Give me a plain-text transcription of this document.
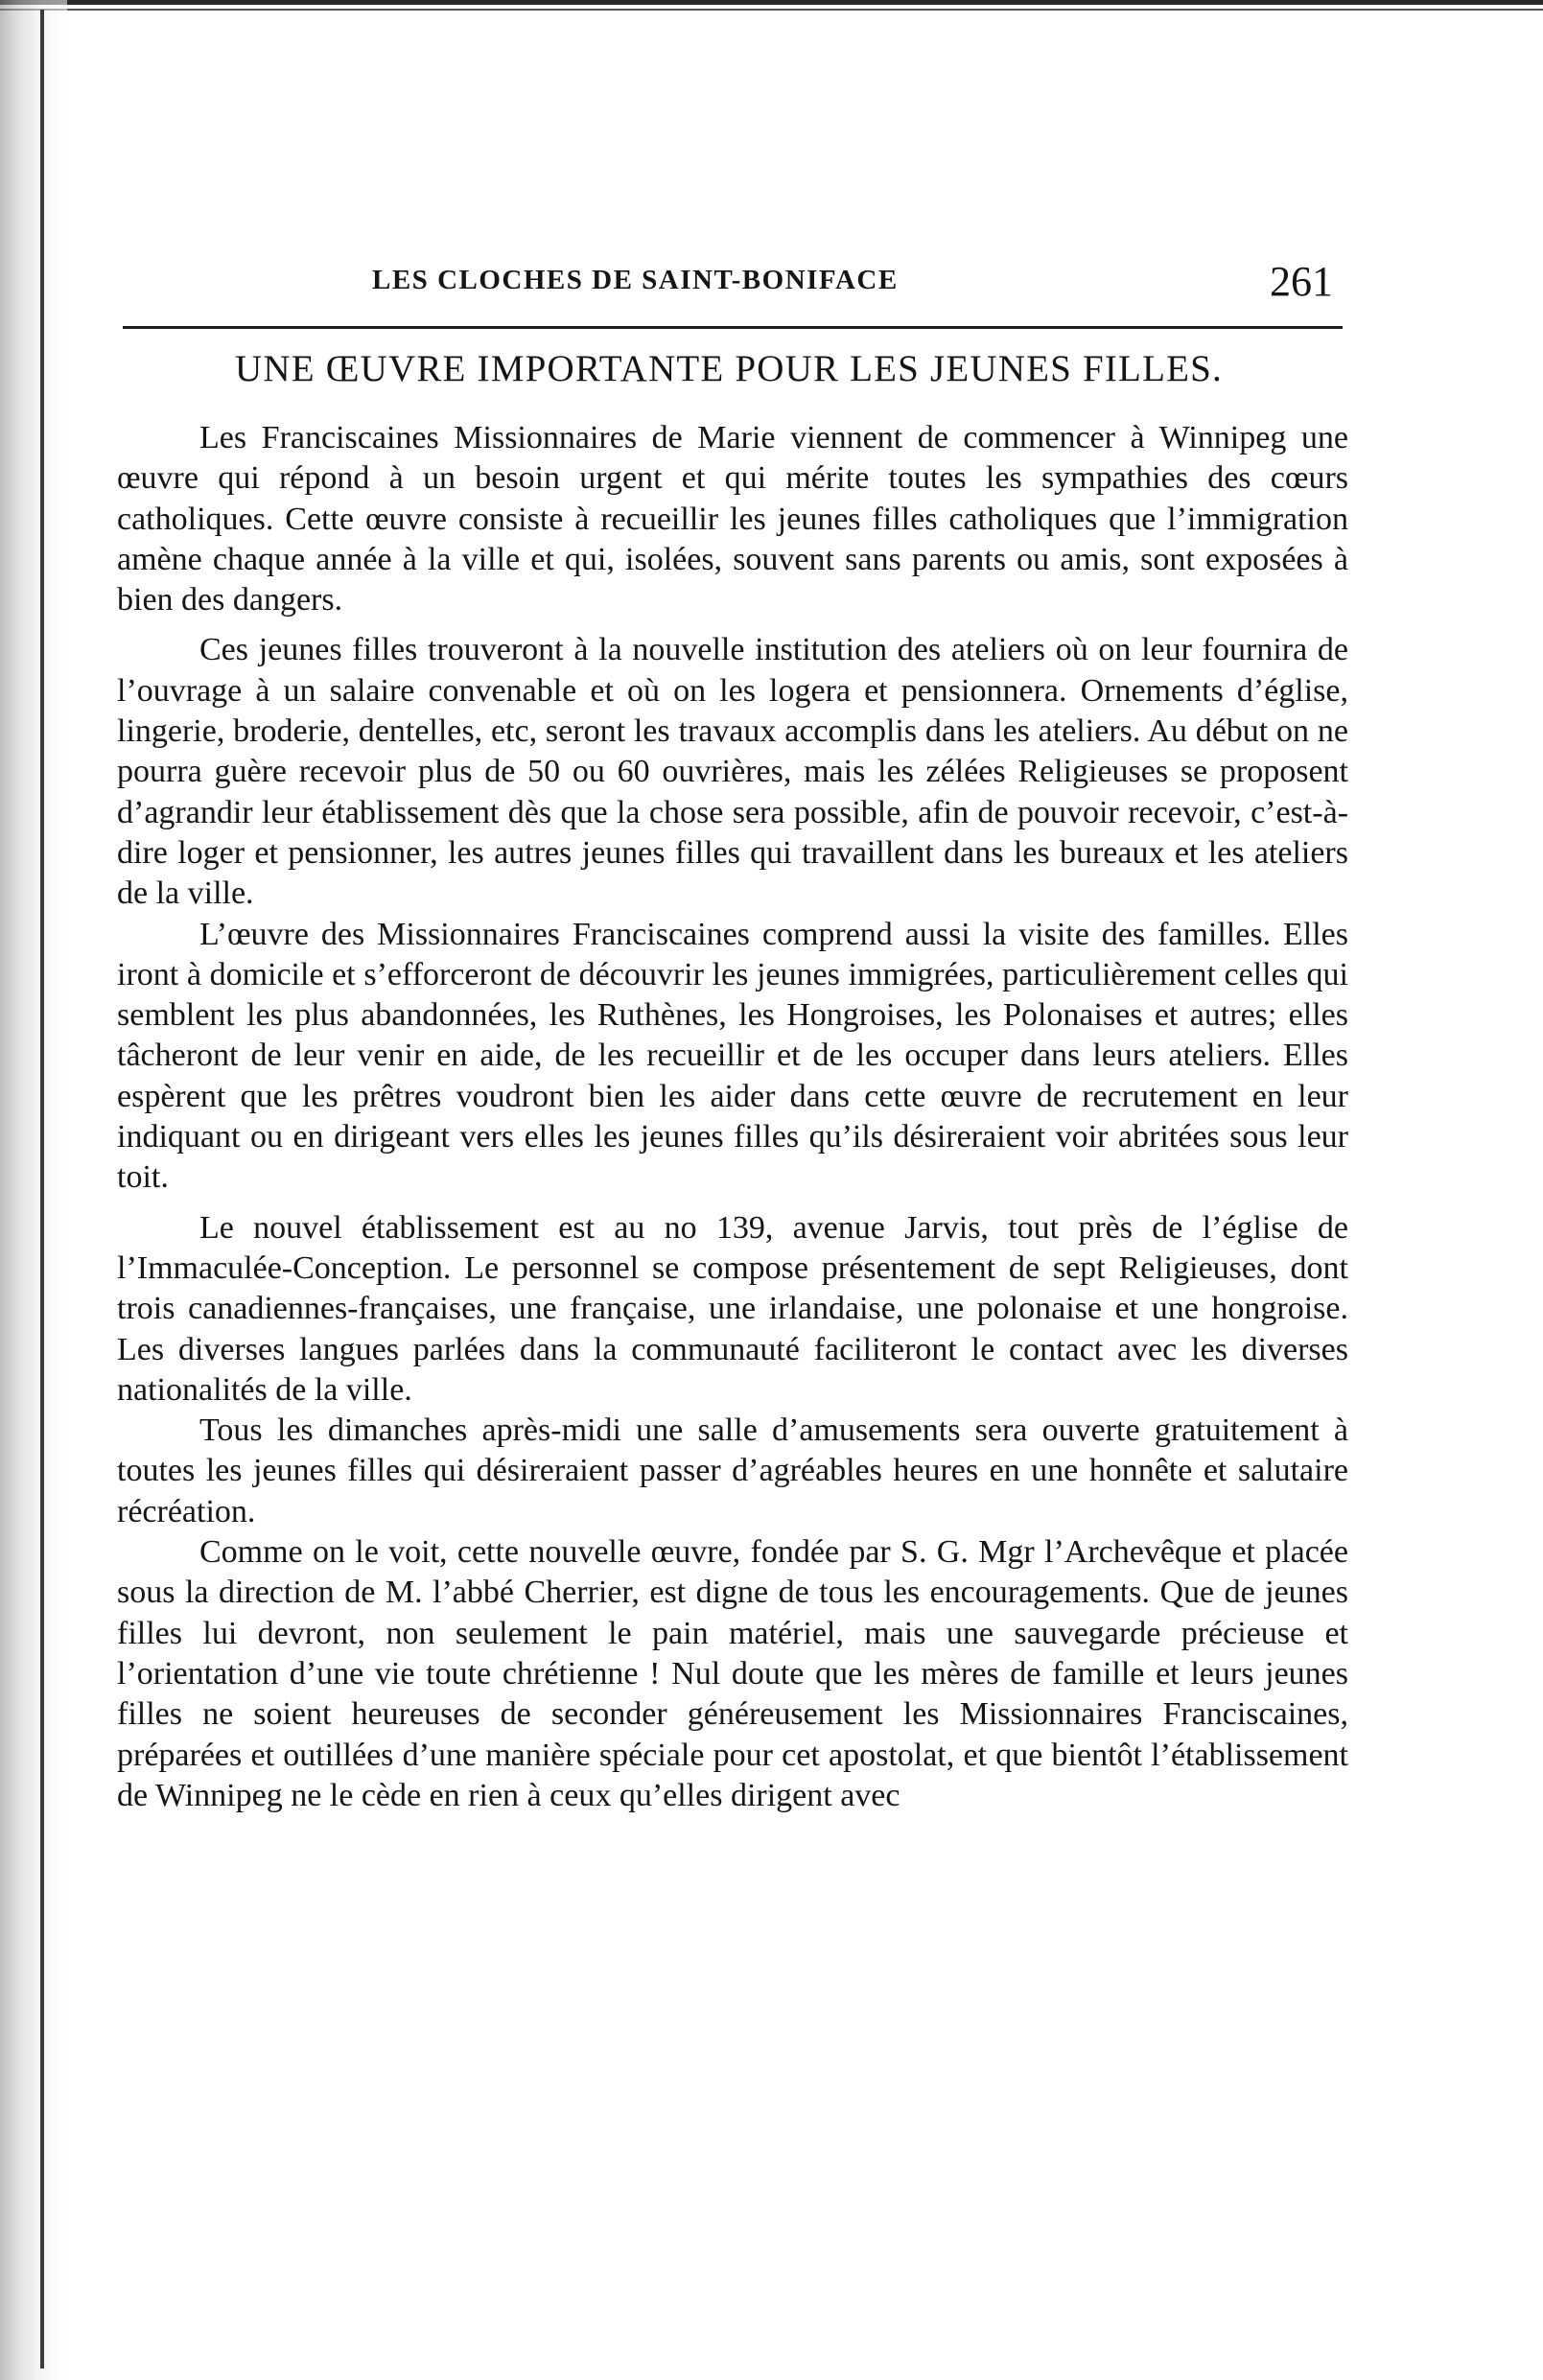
LES CLOCHES DE SAINT-BONIFACE	261
UNE ŒUVRE IMPORTANTE POUR LES JEUNES FILLES.

Les Franciscaines Missionnaires de Marie viennent de commencer à Winnipeg une œuvre qui répond à un besoin urgent et qui mérite toutes les sympathies des cœurs catholiques. Cette œuvre consiste à recueillir les jeunes filles catholiques que l’immigration amène chaque année à la ville et qui, isolées, souvent sans parents ou amis, sont exposées à bien des dangers.

Ces jeunes filles trouveront à la nouvelle institution des ateliers où on leur fournira de l’ouvrage à un salaire convenable et où on les logera et pensionnera. Ornements d’église, lingerie, broderie, dentelles, etc, seront les travaux accomplis dans les ateliers. Au début on ne pourra guère recevoir plus de 50 ou 60 ouvrières, mais les zélées Religieuses se proposent d’agrandir leur établissement dès que la chose sera possible, afin de pouvoir recevoir, c’est-à-dire loger et pensionner, les autres jeunes filles qui travaillent dans les bureaux et les ateliers de la ville.

L’œuvre des Missionnaires Franciscaines comprend aussi la visite des familles. Elles iront à domicile et s’efforceront de découvrir les jeunes immigrées, particulièrement celles qui semblent les plus abandonnées, les Ruthènes, les Hongroises, les Polonaises et autres; elles tâcheront de leur venir en aide, de les recueillir et de les occuper dans leurs ateliers. Elles espèrent que les prêtres voudront bien les aider dans cette œuvre de recrutement en leur indiquant ou en dirigeant vers elles les jeunes filles qu’ils désireraient voir abritées sous leur toit.

Le nouvel établissement est au no 139, avenue Jarvis, tout près de l’église de l’Immaculée-Conception. Le personnel se compose présentement de sept Religieuses, dont trois canadiennes-françaises, une française, une irlandaise, une polonaise et une hongroise. Les diverses langues parlées dans la communauté faciliteront le contact avec les diverses nationalités de la ville.

Tous les dimanches après-midi une salle d’amusements sera ouverte gratuitement à toutes les jeunes filles qui désireraient passer d’agréables heures en une honnête et salutaire récréation.

Comme on le voit, cette nouvelle œuvre, fondée par S. G. Mgr l’Archevêque et placée sous la direction de M. l’abbé Cherrier, est digne de tous les encouragements. Que de jeunes filles lui devront, non seulement le pain matériel, mais une sauvegarde précieuse et l’orientation d’une vie toute chrétienne ! Nul doute que les mères de famille et leurs jeunes filles ne soient heureuses de seconder généreusement les Missionnaires Franciscaines, préparées et outillées d’une manière spéciale pour cet apostolat, et que bientôt l’établissement de Winnipeg ne le cède en rien à ceux qu’elles dirigent avec
